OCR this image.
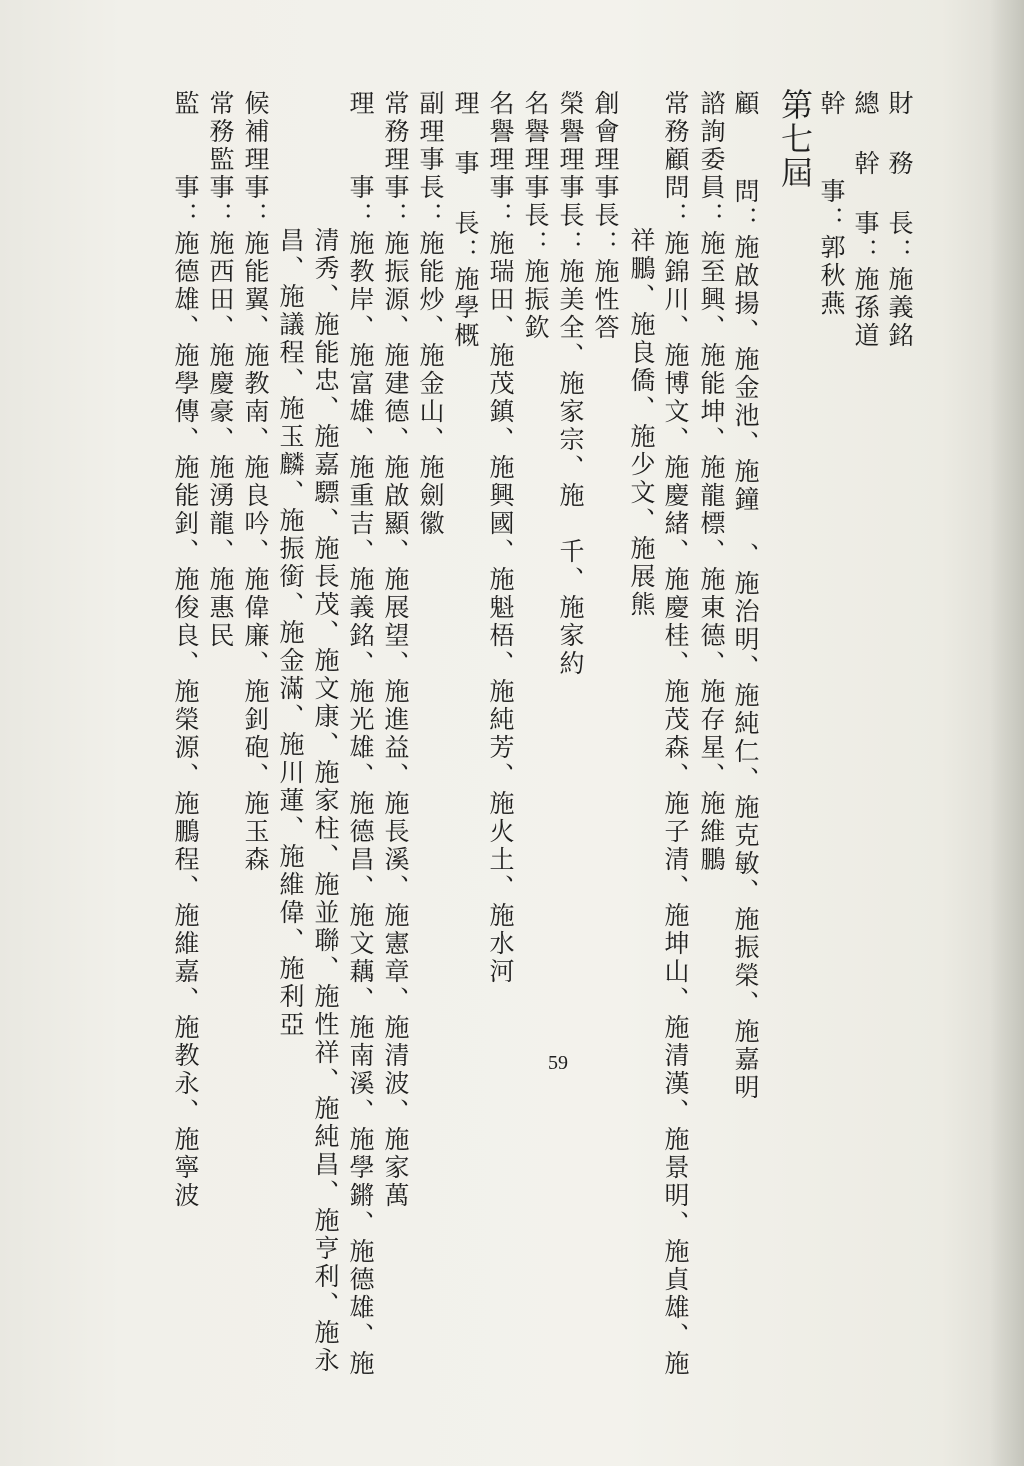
第七屆	財 務 長：施義銘
總 幹 事：施孫道
幹　 事：郭秋燕
顧　 問：施啟揚、施金池、施鐘　、施治明、施純仁、施克敏、施振榮、施嘉明
諮詢委員：施至興、施能坤、施龍標、施東德、施存星、施維鵬
常務顧問：施錦川、施博文、施慶緒、施慶桂、施茂森、施子清、施坤山、施清漢、施景明、施貞雄、施
祥鵬、施良僑、施少文、施展熊
創會理事長：施性答
榮譽理事長：施美全、施家宗、施　千、施家約
名譽理事長：施振欽
名譽理事：施瑞田、施茂鎮、施興國、施魁梧、施純芳、施火土、施水河
理 事 長：施學概
副理事長：施能炒、施金山、施劍徽
常務理事：施振源、施建德、施啟顯、施展望、施進益、施長溪、施憲章、施清波、施家萬
理　　事：施教岸、施富雄、施重吉、施義銘、施光雄、施德昌、施文藕、施南溪、施學鏘、施德雄、施
清秀、施能忠、施嘉驃、施長茂、施文康、施家柱、施並聯、施性祥、施純昌、施亨利、施永
昌、施議程、施玉麟、施振銜、施金滿、施川蓮、施維偉、施利亞
候補理事：施能翼、施教南、施良吟、施偉廉、施釗砲、施玉森
常務監事：施西田、施慶豪、施湧龍、施惠民
監　　事：施德雄、施學傳、施能釗、施俊良、施榮源、施鵬程、施維嘉、施教永、施寧波	59
